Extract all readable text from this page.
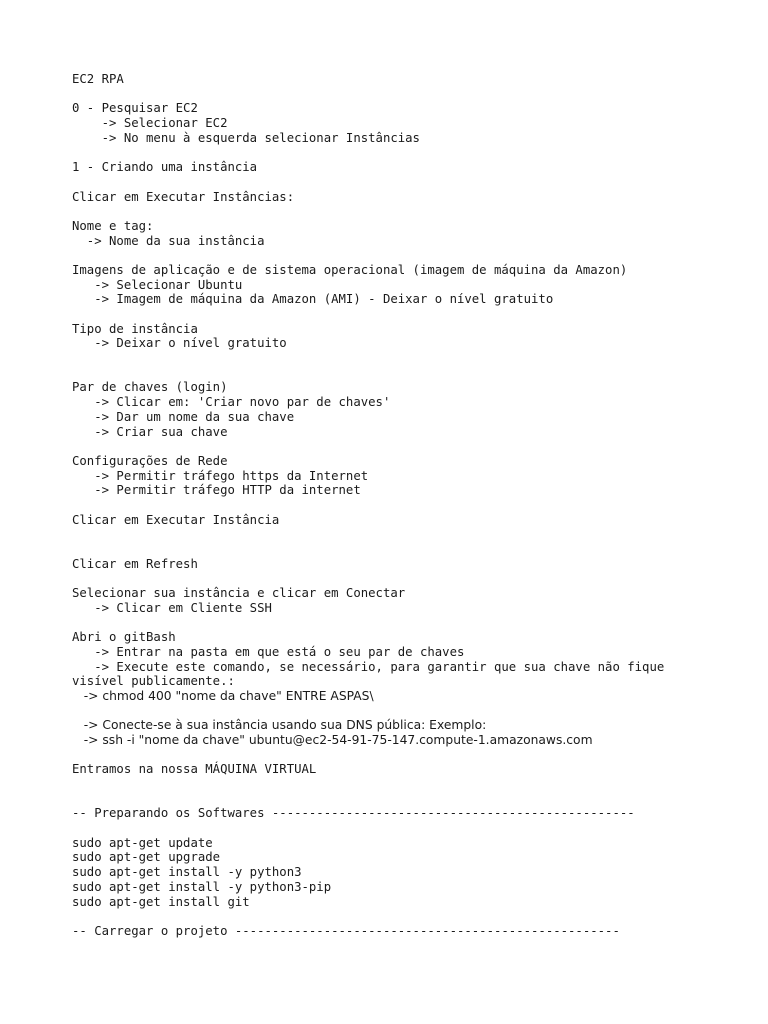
EC2 RPA
0 - Pesquisar EC2
-> Selecionar EC2
-> No menu à esquerda selecionar Instâncias
1 - Criando uma instância
Clicar em Executar Instâncias:
Nome e tag:
-> Nome da sua instância
Imagens de aplicação e de sistema operacional (imagem de máquina da Amazon)
-> Selecionar Ubuntu
-> Imagem de máquina da Amazon (AMI) - Deixar o nível gratuito
Tipo de instância
-> Deixar o nível gratuito
Par de chaves (login)
-> Clicar em: 'Criar novo par de chaves'
-> Dar um nome da sua chave
-> Criar sua chave
Configurações de Rede
-> Permitir tráfego https da Internet
-> Permitir tráfego HTTP da internet
Clicar em Executar Instância
Clicar em Refresh
Selecionar sua instância e clicar em Conectar
-> Clicar em Cliente SSH
Abri o gitBash
-> Entrar na pasta em que está o seu par de chaves
-> Execute este comando, se necessário, para garantir que sua chave não fique
visível publicamente.:
-> chmod 400 "nome da chave" ENTRE ASPAS\
-> Conecte-se à sua instância usando sua DNS pública: Exemplo:
-> ssh -i "nome da chave" ubuntu@ec2-54-91-75-147.compute-1.amazonaws.com
Entramos na nossa MÁQUINA VIRTUAL
-- Preparando os Softwares -------------------------------------------------
sudo apt-get update
sudo apt-get upgrade
sudo apt-get install -y python3
sudo apt-get install -y python3-pip
sudo apt-get install git
-- Carregar o projeto ----------------------------------------------------
